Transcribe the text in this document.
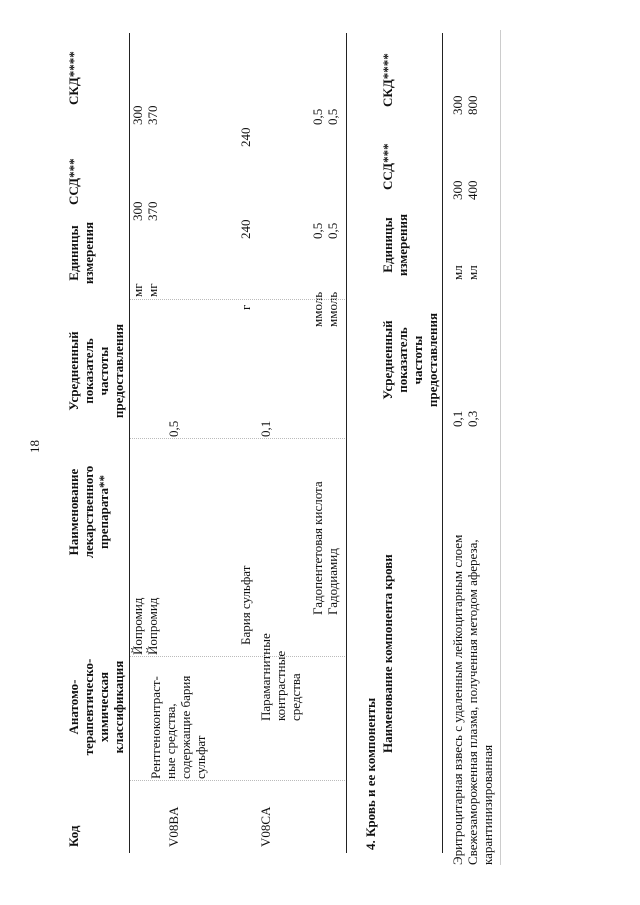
18
Код
Анатомо- терапевтическо- химическая классификация
Наименование лекарственного препарата**
Усредненный показатель частоты предоставления
Единицы измерения
ССД***
СКД****
V08BA
Рентгеноконтраст- ные средства, содержащие бария сульфат
0,5
Йопромид Йопромид
мг мг
300 370
300 370
Бария сульфат
г
240
240
V08CA
Парамагнитные контрастные средства
0,1
Гадопентетовая кислота Гадодиамид
ммоль ммоль
0,5 0,5
0,5 0,5
4. Кровь и ее компоненты
Наименование компонента крови
Усредненный показатель частоты предоставления
Единицы измерения
ССД***
СКД****
Эритроцитарная взвесь с удаленным лейкоцитарным слоем Свежезамороженная плазма, полученная методом афереза, карантинизированная
0,1 0,3
мл мл
300 400
300 800
